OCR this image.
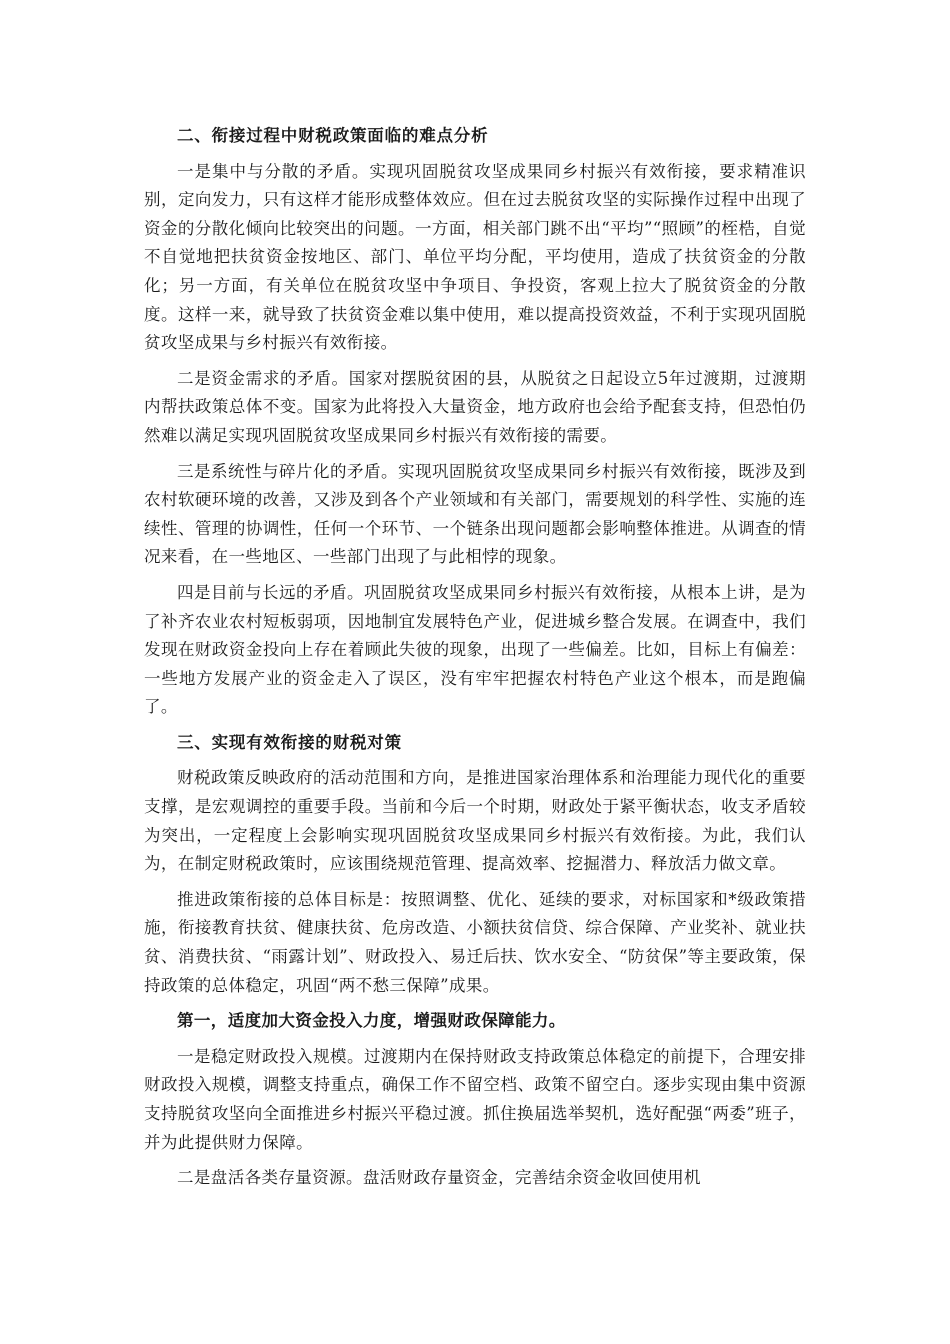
二、衔接过程中财税政策面临的难点分析

一是集中与分散的矛盾。实现巩固脱贫攻坚成果同乡村振兴有效衔接，要求精准识别，定向发力，只有这样才能形成整体效应。但在过去脱贫攻坚的实际操作过程中出现了资金的分散化倾向比较突出的问题。一方面，相关部门跳不出“平均”“照顾”的桎梏，自觉不自觉地把扶贫资金按地区、部门、单位平均分配，平均使用，造成了扶贫资金的分散化；另一方面，有关单位在脱贫攻坚中争项目、争投资，客观上拉大了脱贫资金的分散度。这样一来，就导致了扶贫资金难以集中使用，难以提高投资效益，不利于实现巩固脱贫攻坚成果与乡村振兴有效衔接。

二是资金需求的矛盾。国家对摆脱贫困的县，从脱贫之日起设立5年过渡期，过渡期内帮扶政策总体不变。国家为此将投入大量资金，地方政府也会给予配套支持，但恐怕仍然难以满足实现巩固脱贫攻坚成果同乡村振兴有效衔接的需要。

三是系统性与碎片化的矛盾。实现巩固脱贫攻坚成果同乡村振兴有效衔接，既涉及到农村软硬环境的改善，又涉及到各个产业领域和有关部门，需要规划的科学性、实施的连续性、管理的协调性，任何一个环节、一个链条出现问题都会影响整体推进。从调查的情况来看，在一些地区、一些部门出现了与此相悖的现象。

四是目前与长远的矛盾。巩固脱贫攻坚成果同乡村振兴有效衔接，从根本上讲，是为了补齐农业农村短板弱项，因地制宜发展特色产业，促进城乡整合发展。在调查中，我们发现在财政资金投向上存在着顾此失彼的现象，出现了一些偏差。比如，目标上有偏差：一些地方发展产业的资金走入了误区，没有牢牢把握农村特色产业这个根本，而是跑偏了。

三、实现有效衔接的财税对策

财税政策反映政府的活动范围和方向，是推进国家治理体系和治理能力现代化的重要支撑，是宏观调控的重要手段。当前和今后一个时期，财政处于紧平衡状态，收支矛盾较为突出，一定程度上会影响实现巩固脱贫攻坚成果同乡村振兴有效衔接。为此，我们认为，在制定财税政策时，应该围绕规范管理、提高效率、挖掘潜力、释放活力做文章。

推进政策衔接的总体目标是：按照调整、优化、延续的要求，对标国家和*级政策措施，衔接教育扶贫、健康扶贫、危房改造、小额扶贫信贷、综合保障、产业奖补、就业扶贫、消费扶贫、“雨露计划”、财政投入、易迁后扶、饮水安全、“防贫保”等主要政策，保持政策的总体稳定，巩固“两不愁三保障”成果。

第一，适度加大资金投入力度，增强财政保障能力。

一是稳定财政投入规模。过渡期内在保持财政支持政策总体稳定的前提下，合理安排财政投入规模，调整支持重点，确保工作不留空档、政策不留空白。逐步实现由集中资源支持脱贫攻坚向全面推进乡村振兴平稳过渡。抓住换届选举契机，选好配强“两委”班子，并为此提供财力保障。

二是盘活各类存量资源。盘活财政存量资金，完善结余资金收回使用机
